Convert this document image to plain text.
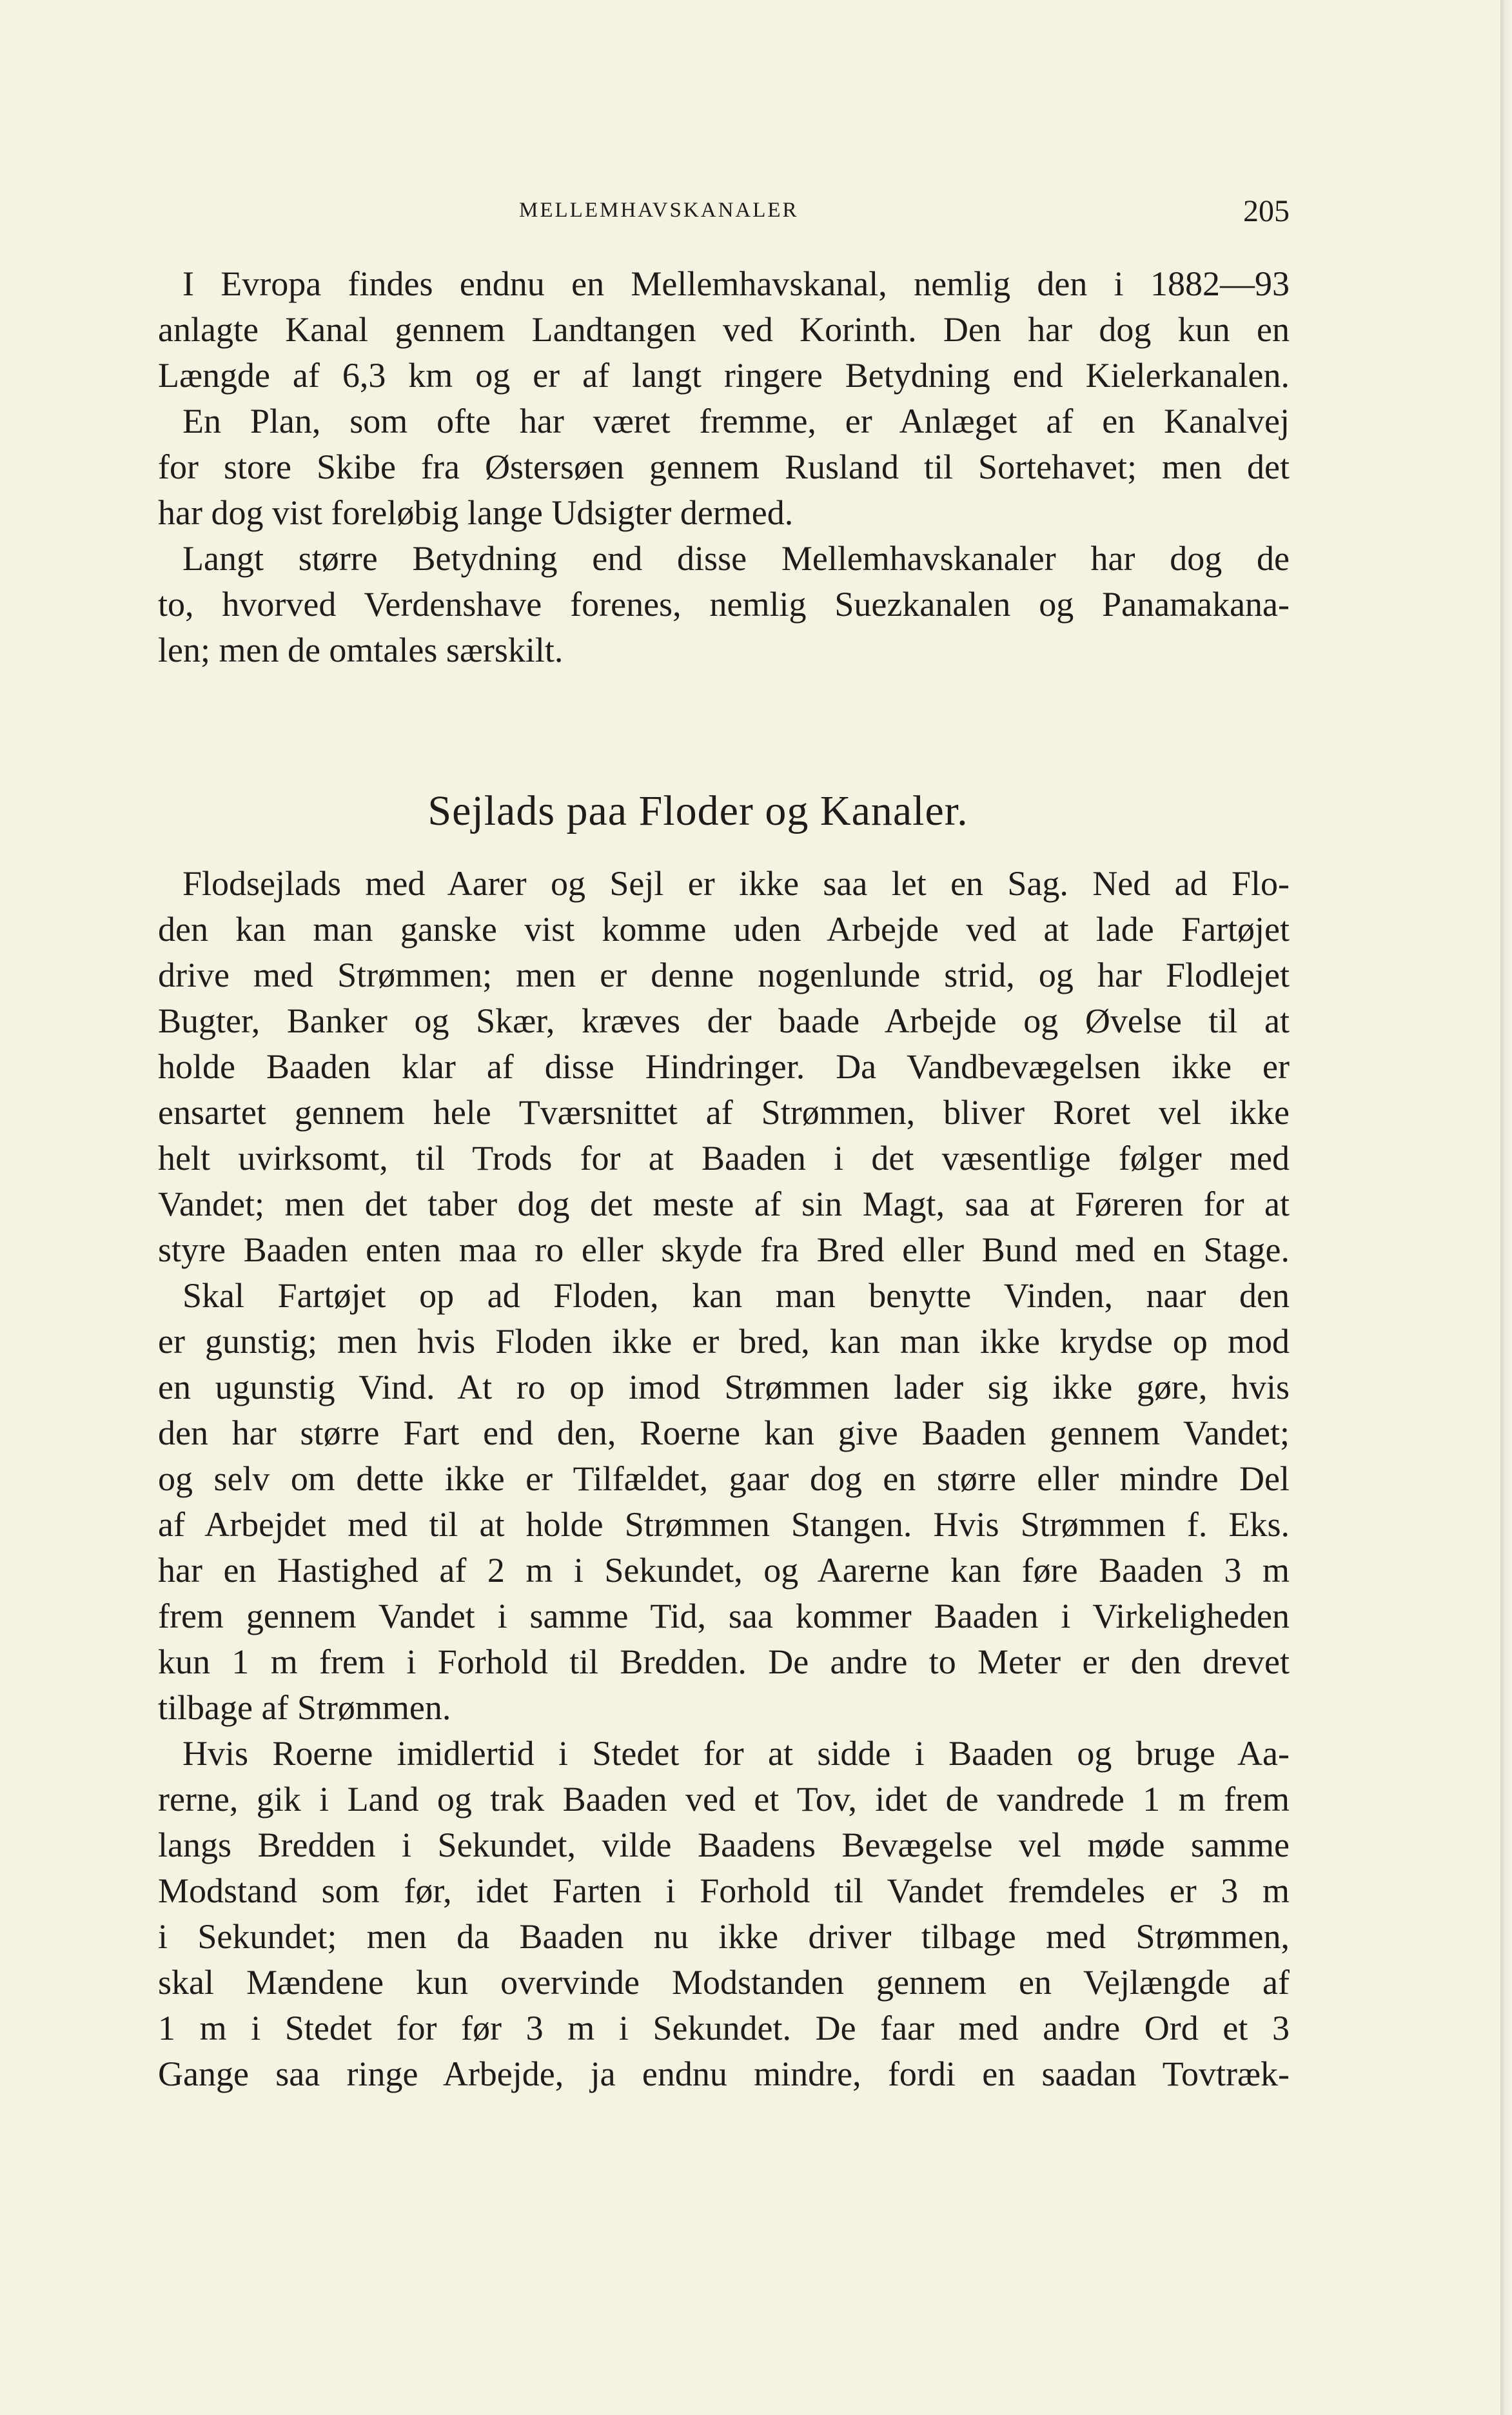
MELLEMHAVSKANALER	205
I Evropa findes endnu en Mellemhavskanal, nemlig den i 1882—93
anlagte Kanal gennem Landtangen ved Korinth. Den har dog kun en
Længde af 6,3 km og er af langt ringere Betydning end Kielerkanalen.
En Plan, som ofte har været fremme, er Anlæget af en Kanalvej
for store Skibe fra Østersøen gennem Rusland til Sortehavet; men det
har dog vist foreløbig lange Udsigter dermed.
Langt større Betydning end disse Mellemhavskanaler har dog de
to, hvorved Verdenshave forenes, nemlig Suezkanalen og Panamakana-
len; men de omtales særskilt.
Sejlads paa Floder og Kanaler.
Flodsejlads med Aarer og Sejl er ikke saa let en Sag. Ned ad Flo-
den kan man ganske vist komme uden Arbejde ved at lade Fartøjet
drive med Strømmen; men er denne nogenlunde strid, og har Flodlejet
Bugter, Banker og Skær, kræves der baade Arbejde og Øvelse til at
holde Baaden klar af disse Hindringer. Da Vandbevægelsen ikke er
ensartet gennem hele Tværsnittet af Strømmen, bliver Roret vel ikke
helt uvirksomt, til Trods for at Baaden i det væsentlige følger med
Vandet; men det taber dog det meste af sin Magt, saa at Føreren for at
styre Baaden enten maa ro eller skyde fra Bred eller Bund med en Stage.
Skal Fartøjet op ad Floden, kan man benytte Vinden, naar den
er gunstig; men hvis Floden ikke er bred, kan man ikke krydse op mod
en ugunstig Vind. At ro op imod Strømmen lader sig ikke gøre, hvis
den har større Fart end den, Roerne kan give Baaden gennem Vandet;
og selv om dette ikke er Tilfældet, gaar dog en større eller mindre Del
af Arbejdet med til at holde Strømmen Stangen. Hvis Strømmen f. Eks.
har en Hastighed af 2 m i Sekundet, og Aarerne kan føre Baaden 3 m
frem gennem Vandet i samme Tid, saa kommer Baaden i Virkeligheden
kun 1 m frem i Forhold til Bredden. De andre to Meter er den drevet
tilbage af Strømmen.
Hvis Roerne imidlertid i Stedet for at sidde i Baaden og bruge Aa-
rerne, gik i Land og trak Baaden ved et Tov, idet de vandrede 1 m frem
langs Bredden i Sekundet, vilde Baadens Bevægelse vel møde samme
Modstand som før, idet Farten i Forhold til Vandet fremdeles er 3 m
i Sekundet; men da Baaden nu ikke driver tilbage med Strømmen,
skal Mændene kun overvinde Modstanden gennem en Vejlængde af
1 m i Stedet for før 3 m i Sekundet. De faar med andre Ord et 3
Gange saa ringe Arbejde, ja endnu mindre, fordi en saadan Tovtræk-
